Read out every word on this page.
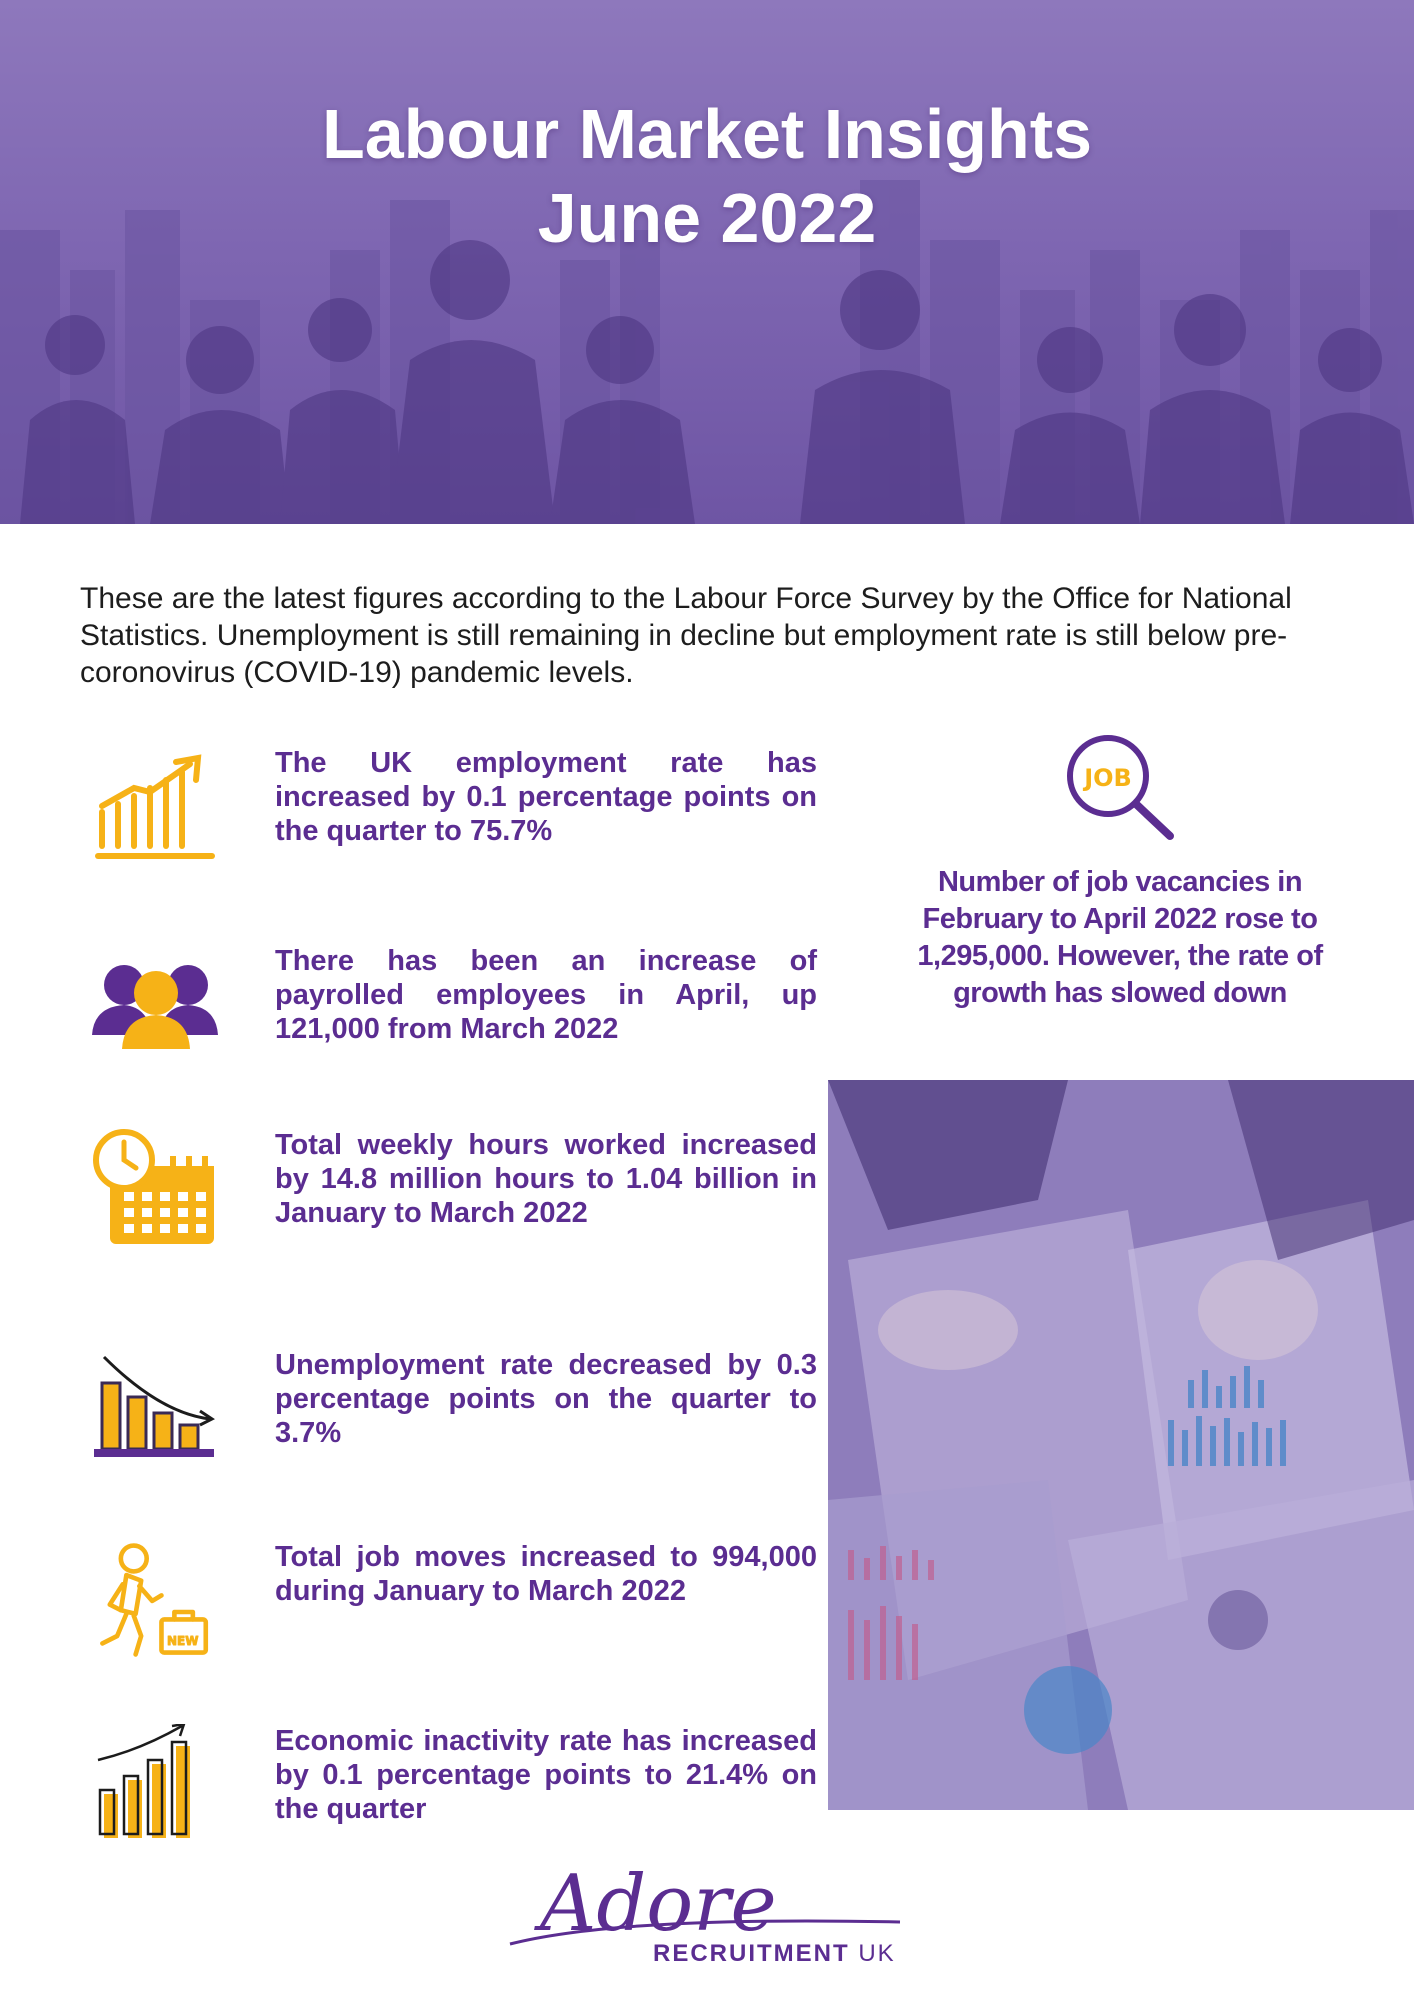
Labour Market Insights
June 2022
These are the latest figures according to the Labour Force Survey by the Office for National Statistics. Unemployment is still remaining in decline but employment rate is still below pre-coronovirus (COVID-19) pandemic levels.
The UK employment rate has increased by 0.1 percentage points on the quarter to 75.7%
There has been an increase of payrolled employees in April, up 121,000 from March 2022
Total weekly hours worked increased by 14.8 million hours to 1.04 billion in January to March 2022
Unemployment rate decreased by 0.3 percentage points on the quarter to 3.7%
NEW
Total job moves increased to 994,000 during January to March 2022
Economic inactivity rate has increased by 0.1 percentage points to 21.4% on the quarter
JOB
Number of job vacancies in February to April 2022 rose to 1,295,000. However, the rate of growth has slowed down
Adore
RECRUITMENT UK
